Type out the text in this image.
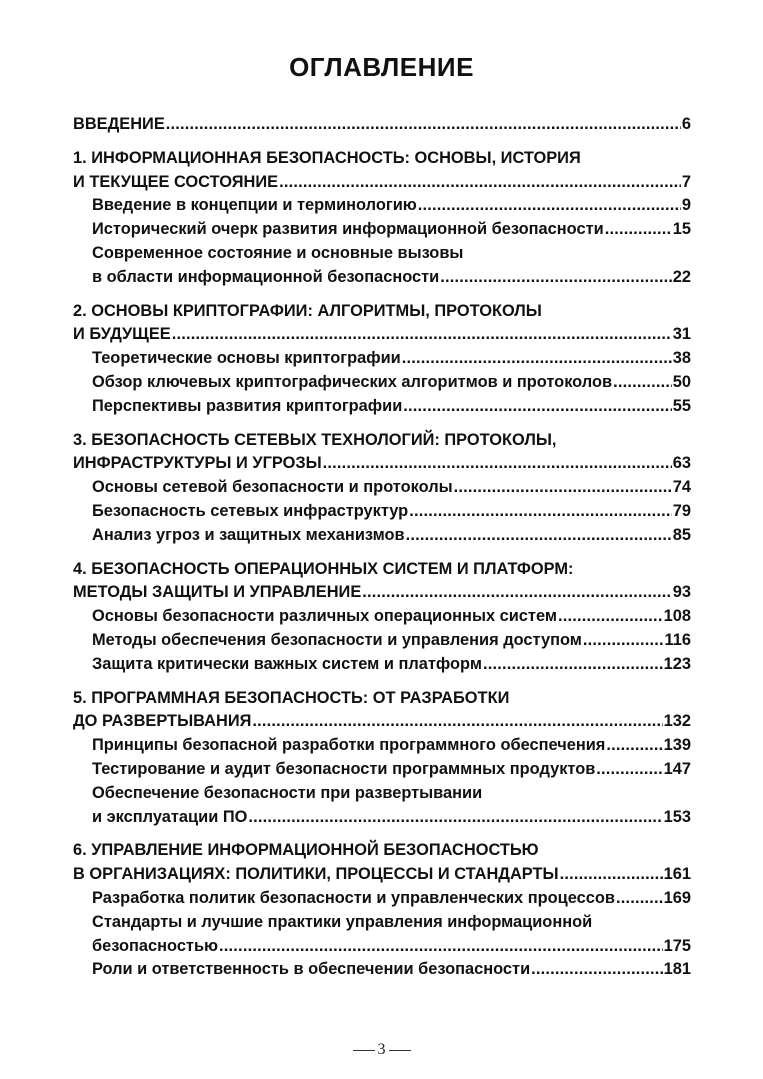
ОГЛАВЛЕНИЕ
ВВЕДЕНИЕ .....	6
1. ИНФОРМАЦИОННАЯ БЕЗОПАСНОСТЬ: ОСНОВЫ, ИСТОРИЯ
И ТЕКУЩЕЕ СОСТОЯНИЕ .....	7
Введение в концепции и терминологию .....	9
Исторический очерк развития информационной безопасности .....	15
Современное состояние и основные вызовы
в области информационной безопасности .....	22
2. ОСНОВЫ КРИПТОГРАФИИ: АЛГОРИТМЫ, ПРОТОКОЛЫ
И БУДУЩЕЕ .....	31
Теоретические основы криптографии .....	38
Обзор ключевых криптографических алгоритмов и протоколов .....	50
Перспективы развития криптографии .....	55
3. БЕЗОПАСНОСТЬ СЕТЕВЫХ ТЕХНОЛОГИЙ: ПРОТОКОЛЫ,
ИНФРАСТРУКТУРЫ И УГРОЗЫ .....	63
Основы сетевой безопасности и протоколы .....	74
Безопасность сетевых инфраструктур .....	79
Анализ угроз и защитных механизмов .....	85
4. БЕЗОПАСНОСТЬ ОПЕРАЦИОННЫХ СИСТЕМ И ПЛАТФОРМ:
МЕТОДЫ ЗАЩИТЫ И УПРАВЛЕНИЕ .....	93
Основы безопасности различных операционных систем .....	108
Методы обеспечения безопасности и управления доступом .....	116
Защита критически важных систем и платформ .....	123
5. ПРОГРАММНАЯ БЕЗОПАСНОСТЬ: ОТ РАЗРАБОТКИ
ДО РАЗВЕРТЫВАНИЯ .....	132
Принципы безопасной разработки программного обеспечения .....	139
Тестирование и аудит безопасности программных продуктов .....	147
Обеспечение безопасности при развертывании
и эксплуатации ПО .....	153
6. УПРАВЛЕНИЕ ИНФОРМАЦИОННОЙ БЕЗОПАСНОСТЬЮ
В ОРГАНИЗАЦИЯХ: ПОЛИТИКИ, ПРОЦЕССЫ И СТАНДАРТЫ .....	161
Разработка политик безопасности и управленческих процессов .....	169
Стандарты и лучшие практики управления информационной
безопасностью .....	175
Роли и ответственность в обеспечении безопасности .....	181
3
